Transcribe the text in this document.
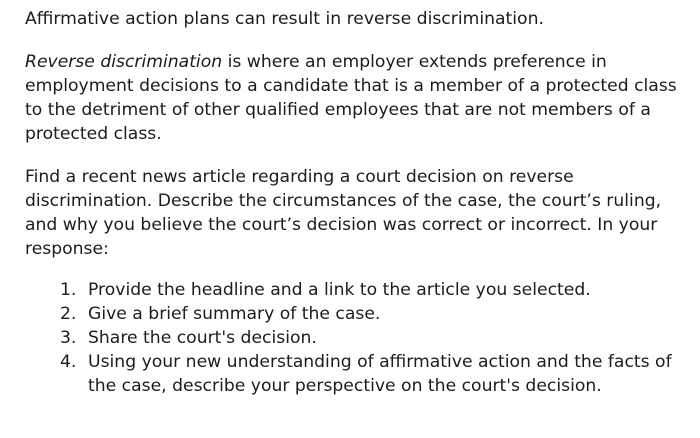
Affirmative action plans can result in reverse discrimination.

Reverse discrimination is where an employer extends preference in employment decisions to a candidate that is a member of a protected class to the detriment of other qualified employees that are not members of a protected class.

Find a recent news article regarding a court decision on reverse discrimination. Describe the circumstances of the case, the court’s ruling, and why you believe the court’s decision was correct or incorrect. In your response:

1. Provide the headline and a link to the article you selected.
2. Give a brief summary of the case.
3. Share the court's decision.
4. Using your new understanding of affirmative action and the facts of the case, describe your perspective on the court's decision.
